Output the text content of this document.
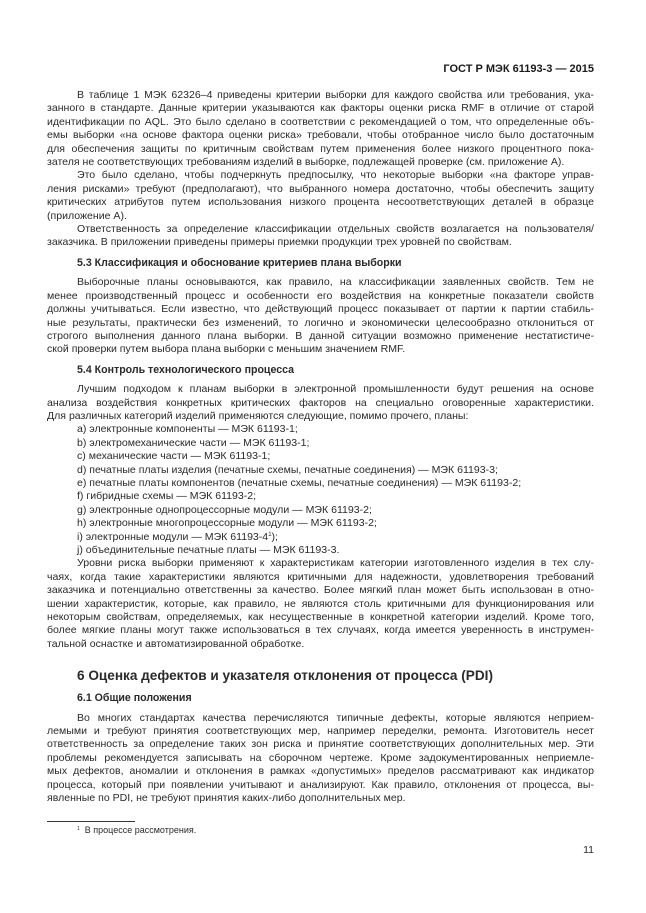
ГОСТ Р МЭК 61193-3 — 2015
В таблице 1 МЭК 62326–4 приведены критерии выборки для каждого свойства или требования, ука-
занного в стандарте. Данные критерии указываются как факторы оценки риска RMF в отличие от старой
идентификации по AQL. Это было сделано в соответствии с рекомендацией о том, что определенные объ-
емы выборки «на основе фактора оценки риска» требовали, чтобы отобранное число было достаточным
для обеспечения защиты по критичным свойствам путем применения более низкого процентного пока-
зателя не соответствующих требованиям изделий в выборке, подлежащей проверке (см. приложение А).
Это было сделано, чтобы подчеркнуть предпосылку, что некоторые выборки «на факторе управ-
ления рисками» требуют (предполагают), что выбранного номера достаточно, чтобы обеспечить защиту
критических атрибутов путем использования низкого процента несоответствующих деталей в образце
(приложение А).
Ответственность за определение классификации отдельных свойств возлагается на пользователя/
заказчика. В приложении приведены примеры приемки продукции трех уровней по свойствам.
5.3 Классификация и обоснование критериев плана выборки
Выборочные планы основываются, как правило, на классификации заявленных свойств. Тем не
менее производственный процесс и особенности его воздействия на конкретные показатели свойств
должны учитываться. Если известно, что действующий процесс показывает от партии к партии стабиль-
ные результаты, практически без изменений, то логично и экономически целесообразно отклониться от
строгого выполнения данного плана выборки. В данной ситуации возможно применение нестатистиче-
ской проверки путем выбора плана выборки с меньшим значением RMF.
5.4 Контроль технологического процесса
Лучшим подходом к планам выборки в электронной промышленности будут решения на основе
анализа воздействия конкретных критических факторов на специально оговоренные характеристики.
Для различных категорий изделий применяются следующие, помимо прочего, планы:
a) электронные компоненты — МЭК 61193-1;
b) электромеханические части — МЭК 61193-1;
c) механические части — МЭК 61193-1;
d) печатные платы изделия (печатные схемы, печатные соединения) — МЭК 61193-3;
e) печатные платы компонентов (печатные схемы, печатные соединения) — МЭК 61193-2;
f) гибридные схемы — МЭК 61193-2;
g) электронные однопроцессорные модули — МЭК 61193-2;
h) электронные многопроцессорные модули — МЭК 61193-2;
i) электронные модули — МЭК $61193-4^1$);
j) объединительные печатные платы — МЭК 61193-3.
Уровни риска выборки применяют к характеристикам категории изготовленного изделия в тех слу-
чаях, когда такие характеристики являются критичными для надежности, удовлетворения требований
заказчика и потенциально ответственны за качество. Более мягкий план может быть использован в отно-
шении характеристик, которые, как правило, не являются столь критичными для функционирования или
некоторым свойствам, определяемых, как несущественные в конкретной категории изделий. Кроме того,
более мягкие планы могут также использоваться в тех случаях, когда имеется уверенность в инструмен-
тальной оснастке и автоматизированной обработке.
6 Оценка дефектов и указателя отклонения от процесса (PDI)
6.1 Общие положения
Во многих стандартах качества перечисляются типичные дефекты, которые являются неприем-
лемыми и требуют принятия соответствующих мер, например переделки, ремонта. Изготовитель несет
ответственность за определение таких зон риска и принятие соответствующих дополнительных мер. Эти
проблемы рекомендуется записывать на сборочном чертеже. Кроме задокументированных неприемле-
мых дефектов, аномалии и отклонения в рамках «допустимых» пределов рассматривают как индикатор
процесса, который при появлении учитывают и анализируют. Как правило, отклонения от процесса, вы-
явленные по PDI, не требуют принятия каких-либо дополнительных мер.
$^1$ В процессе рассмотрения.
11
